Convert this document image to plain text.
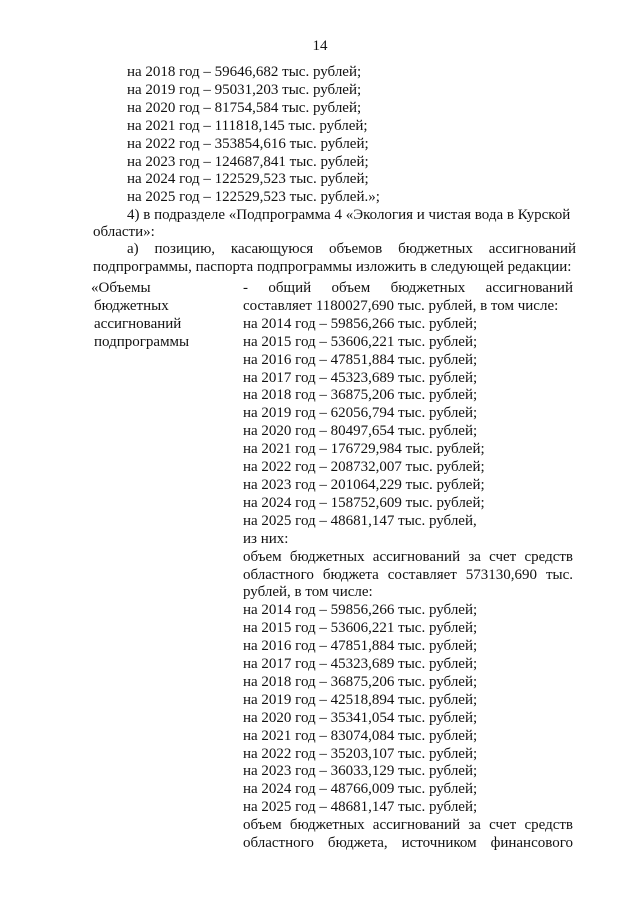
14
на 2018 год – 59646,682 тыс. рублей;
на 2019 год – 95031,203 тыс. рублей;
на 2020 год – 81754,584 тыс. рублей;
на 2021 год – 111818,145 тыс. рублей;
на 2022 год – 353854,616 тыс. рублей;
на 2023 год – 124687,841 тыс. рублей;
на 2024 год – 122529,523 тыс. рублей;
на 2025 год – 122529,523 тыс. рублей.»;
4) в подразделе «Подпрограмма 4 «Экология и чистая вода в Курской
области»:
а) позицию, касающуюся объемов бюджетных ассигнований
подпрограммы, паспорта подпрограммы изложить в следующей редакции:
«Объемы
бюджетных
ассигнований
подпрограммы
- общий объем бюджетных ассигнований
составляет 1180027,690 тыс. рублей, в том числе:
на 2014 год – 59856,266 тыс. рублей;
на 2015 год – 53606,221 тыс. рублей;
на 2016 год – 47851,884 тыс. рублей;
на 2017 год – 45323,689 тыс. рублей;
на 2018 год – 36875,206 тыс. рублей;
на 2019 год – 62056,794 тыс. рублей;
на 2020 год – 80497,654 тыс. рублей;
на 2021 год – 176729,984 тыс. рублей;
на 2022 год – 208732,007 тыс. рублей;
на 2023 год – 201064,229 тыс. рублей;
на 2024 год – 158752,609 тыс. рублей;
на 2025 год – 48681,147 тыс. рублей,
из них:
объем бюджетных ассигнований за счет средств
областного бюджета составляет 573130,690 тыс.
рублей, в том числе:
на 2014 год – 59856,266 тыс. рублей;
на 2015 год – 53606,221 тыс. рублей;
на 2016 год – 47851,884 тыс. рублей;
на 2017 год – 45323,689 тыс. рублей;
на 2018 год – 36875,206 тыс. рублей;
на 2019 год – 42518,894 тыс. рублей;
на 2020 год – 35341,054 тыс. рублей;
на 2021 год – 83074,084 тыс. рублей;
на 2022 год – 35203,107 тыс. рублей;
на 2023 год – 36033,129 тыс. рублей;
на 2024 год – 48766,009 тыс. рублей;
на 2025 год – 48681,147 тыс. рублей;
объем бюджетных ассигнований за счет средств
областного бюджета, источником финансового
